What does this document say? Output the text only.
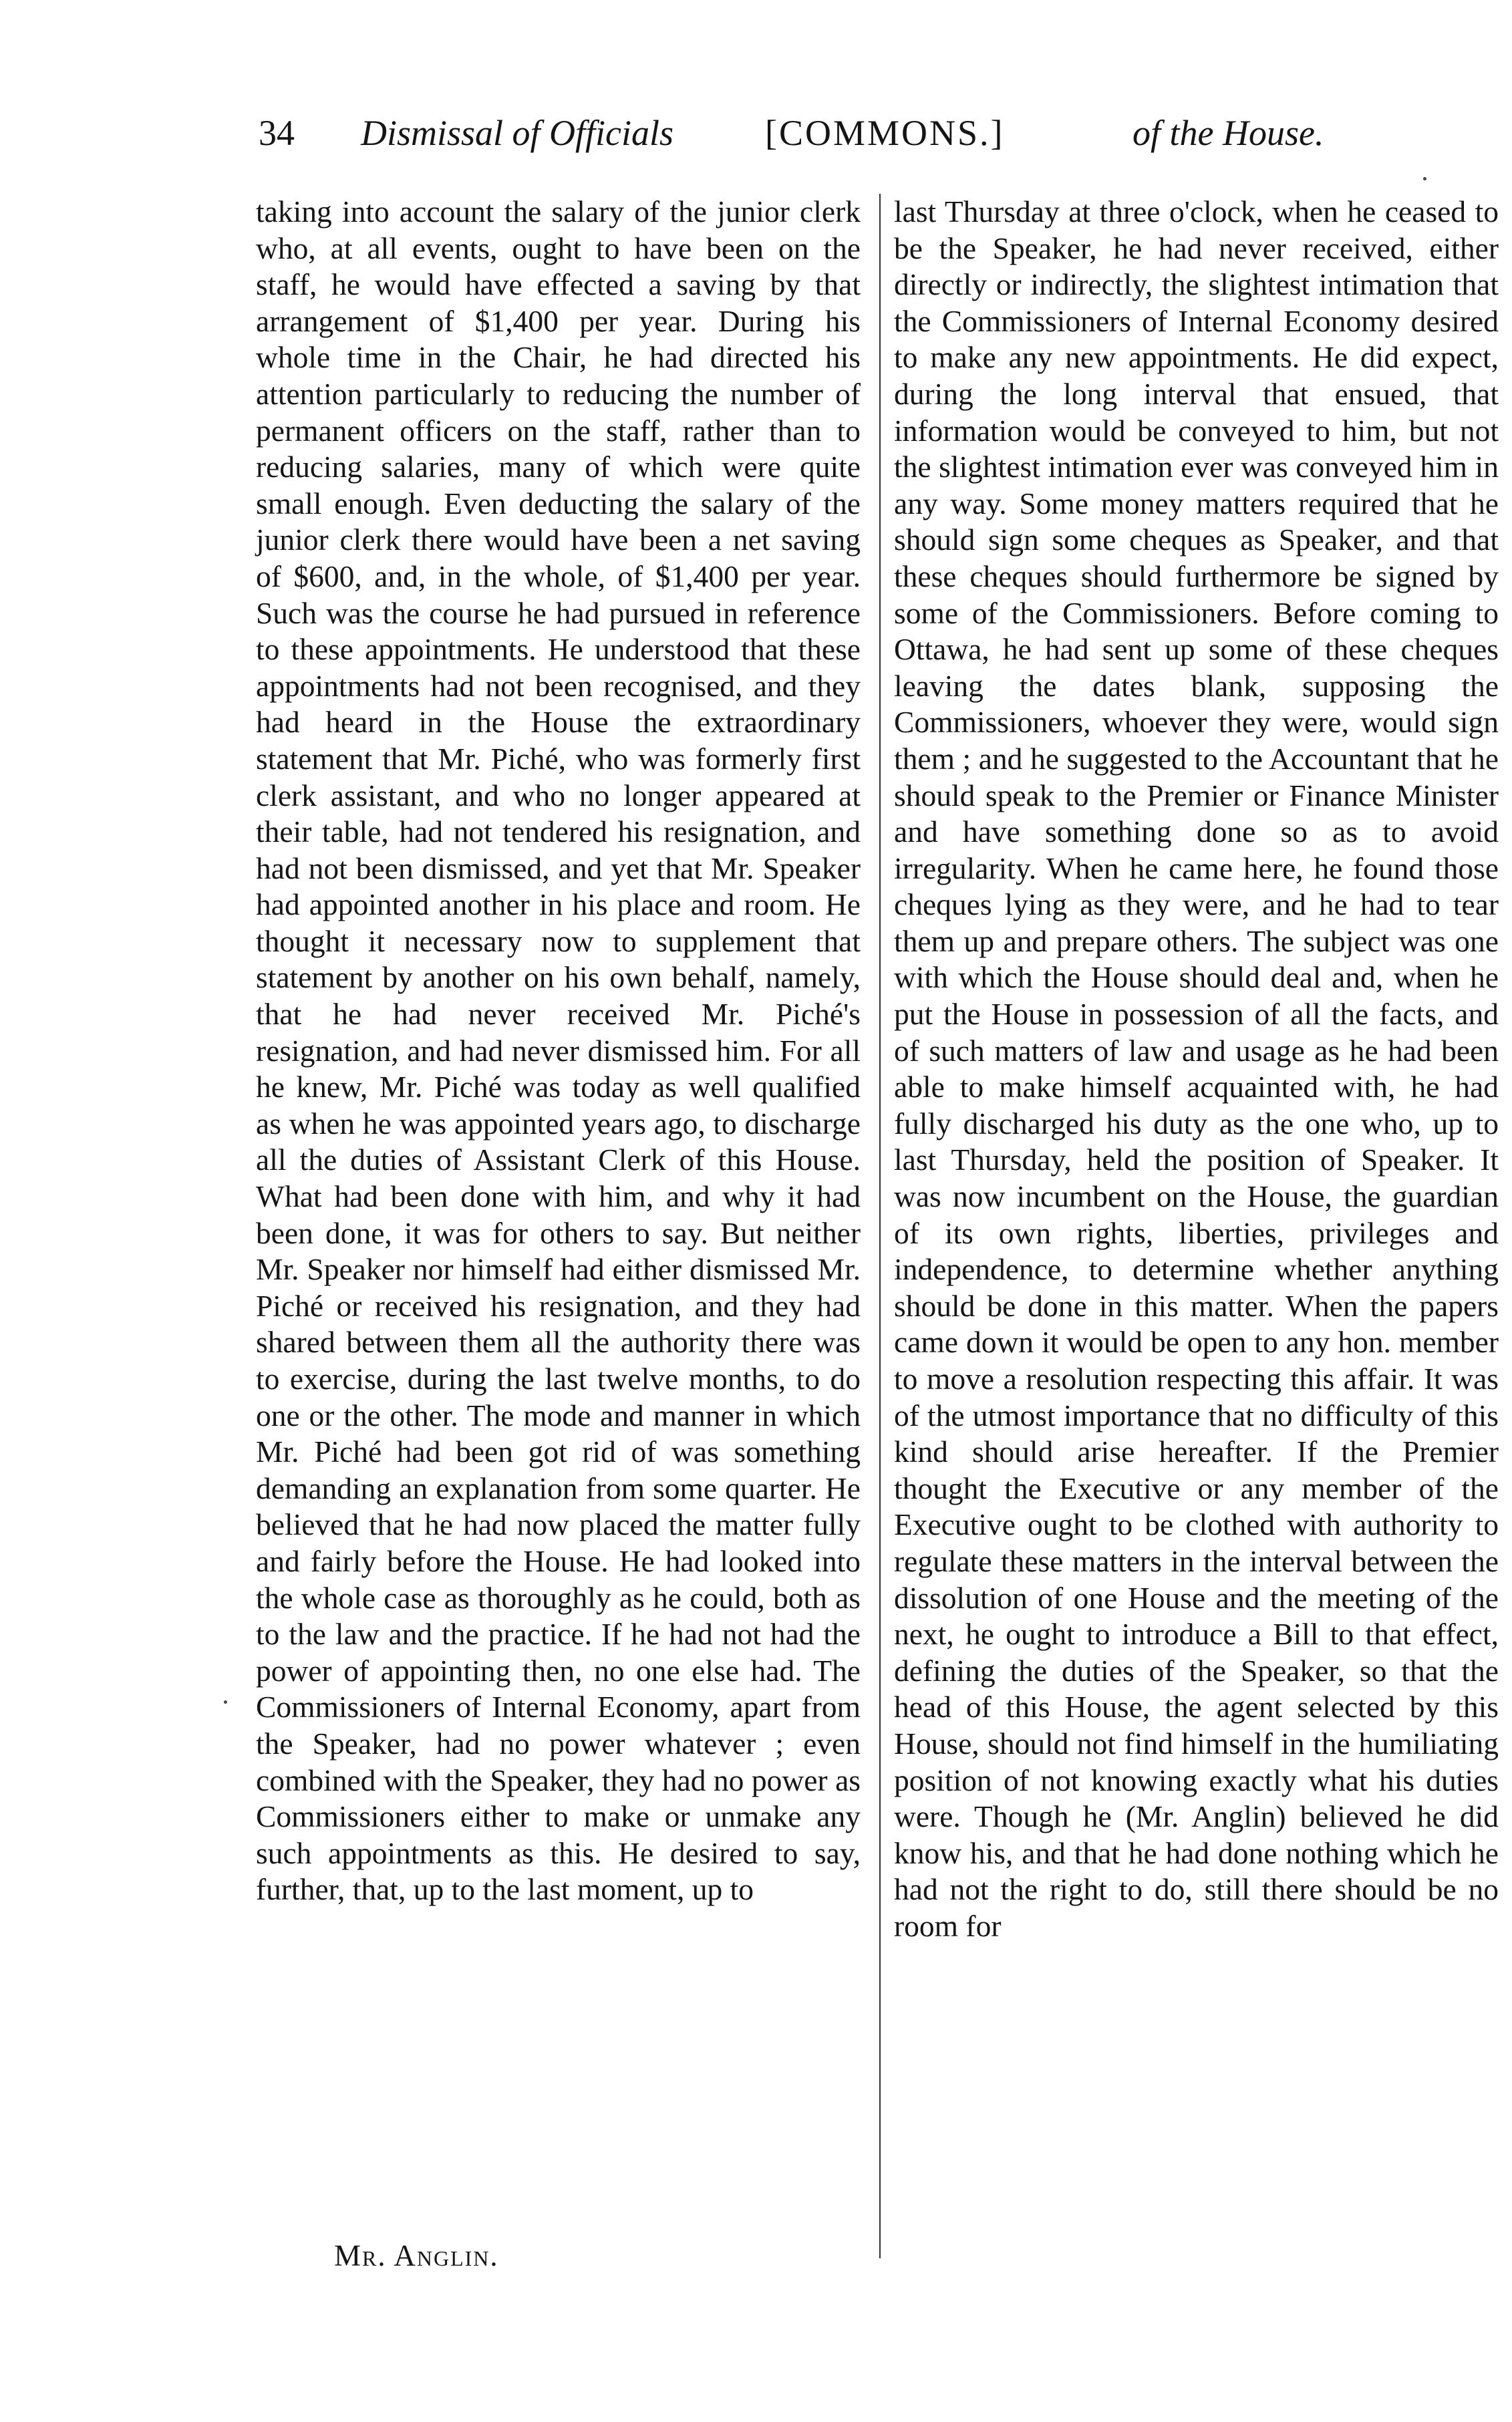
34 Dismissal of Officials	[COMMONS.]	of the House.

taking into account the salary of the junior clerk who, at all events, ought to have been on the staff, he would have effected a saving by that arrangement of $1,400 per year. During his whole time in the Chair, he had directed his attention particularly to reducing the number of permanent officers on the staff, rather than to reducing salaries, many of which were quite small enough. Even deducting the salary of the junior clerk there would have been a net saving of $600, and, in the whole, of $1,400 per year. Such was the course he had pursued in reference to these appointments. He understood that these appointments had not been recognised, and they had heard in the House the extraordinary statement that Mr. Piché, who was formerly first clerk assistant, and who no longer appeared at their table, had not tendered his resignation, and had not been dismissed, and yet that Mr. Speaker had appointed another in his place and room. He thought it necessary now to supplement that statement by another on his own behalf, namely, that he had never received Mr. Piché's resignation, and had never dismissed him. For all he knew, Mr. Piché was today as well qualified as when he was appointed years ago, to discharge all the duties of Assistant Clerk of this House. What had been done with him, and why it had been done, it was for others to say. But neither Mr. Speaker nor himself had either dismissed Mr. Piché or received his resignation, and they had shared between them all the authority there was to exercise, during the last twelve months, to do one or the other. The mode and manner in which Mr. Piché had been got rid of was something demanding an explanation from some quarter. He believed that he had now placed the matter fully and fairly before the House. He had looked into the whole case as thoroughly as he could, both as to the law and the practice. If he had not had the power of appointing then, no one else had. The Commissioners of Internal Economy, apart from the Speaker, had no power whatever ; even combined with the Speaker, they had no power as Commissioners either to make or unmake any such appointments as this. He desired to say, further, that, up to the last moment, up to

last Thursday at three o'clock, when he ceased to be the Speaker, he had never received, either directly or indirectly, the slightest intimation that the Commissioners of Internal Economy desired to make any new appointments. He did expect, during the long interval that ensued, that information would be conveyed to him, but not the slightest intimation ever was conveyed him in any way. Some money matters required that he should sign some cheques as Speaker, and that these cheques should furthermore be signed by some of the Commissioners. Before coming to Ottawa, he had sent up some of these cheques leaving the dates blank, supposing the Commissioners, whoever they were, would sign them ; and he suggested to the Accountant that he should speak to the Premier or Finance Minister and have something done so as to avoid irregularity. When he came here, he found those cheques lying as they were, and he had to tear them up and prepare others. The subject was one with which the House should deal and, when he put the House in possession of all the facts, and of such matters of law and usage as he had been able to make himself acquainted with, he had fully discharged his duty as the one who, up to last Thursday, held the position of Speaker. It was now incumbent on the House, the guardian of its own rights, liberties, privileges and independence, to determine whether anything should be done in this matter. When the papers came down it would be open to any hon. member to move a resolution respecting this affair. It was of the utmost importance that no difficulty of this kind should arise hereafter. If the Premier thought the Executive or any member of the Executive ought to be clothed with authority to regulate these matters in the interval between the dissolution of one House and the meeting of the next, he ought to introduce a Bill to that effect, defining the duties of the Speaker, so that the head of this House, the agent selected by this House, should not find himself in the humiliating position of not knowing exactly what his duties were. Though he (Mr. Anglin) believed he did know his, and that he had done nothing which he had not the right to do, still there should be no room for

Mr. Anglin.
